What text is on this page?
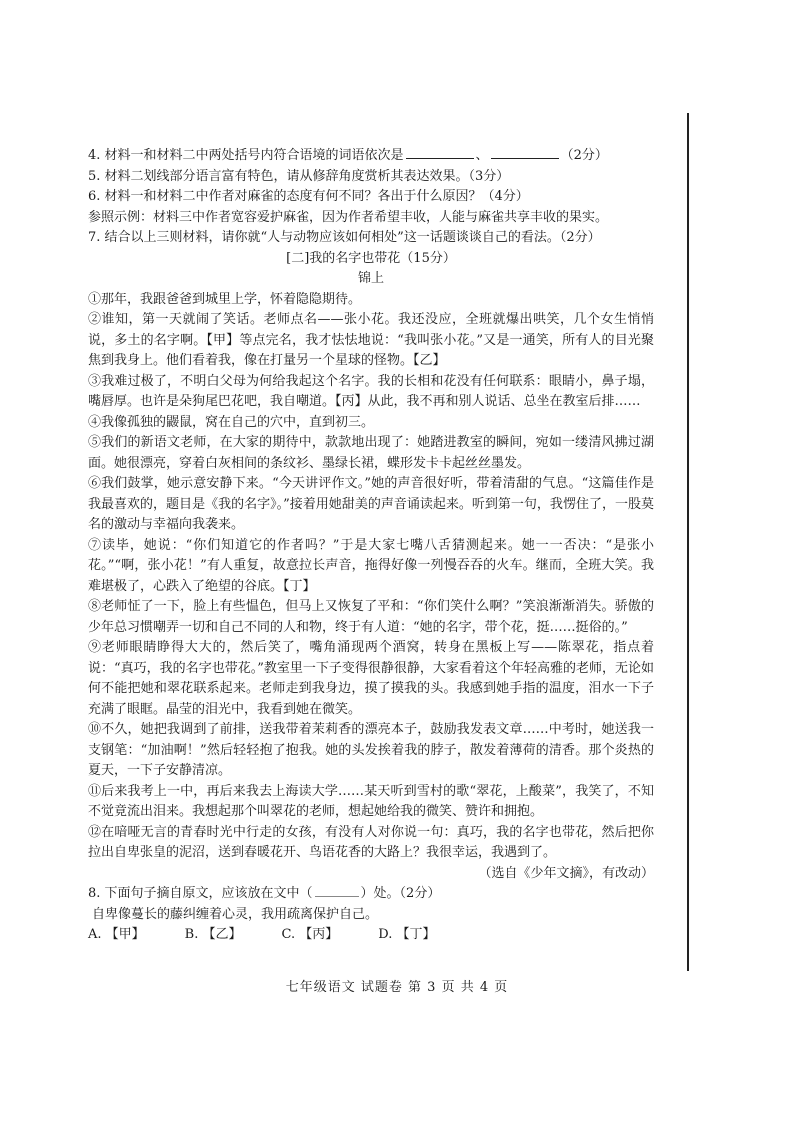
4. 材料一和材料二中两处括号内符合语境的词语依次是	、	（2分）

5. 材料二划线部分语言富有特色，请从修辞角度赏析其表达效果。（3分）

6. 材料一和材料二中作者对麻雀的态度有何不同？各出于什么原因？（4分）

参照示例：材料三中作者宽容爱护麻雀，因为作者希望丰收，人能与麻雀共享丰收的果实。

7. 结合以上三则材料，请你就“人与动物应该如何相处”这一话题谈谈自己的看法。（2分）

[二]我的名字也带花（15分）

锦上

①那年，我跟爸爸到城里上学，怀着隐隐期待。

②谁知，第一天就闹了笑话。老师点名——张小花。我还没应，全班就爆出哄笑，几个女生悄悄说，多土的名字啊。【甲】等点完名，我才怯怯地说：“我叫张小花。”又是一通笑，所有人的目光聚焦到我身上。他们看着我，像在打量另一个星球的怪物。【乙】

③我难过极了，不明白父母为何给我起这个名字。我的长相和花没有任何联系：眼睛小，鼻子塌，嘴唇厚。也许是朵狗尾巴花吧，我自嘲道。【丙】从此，我不再和别人说话、总坐在教室后排……

④我像孤独的鼹鼠，窝在自己的穴中，直到初三。

⑤我们的新语文老师，在大家的期待中，款款地出现了：她踏进教室的瞬间，宛如一缕清风拂过湖面。她很漂亮，穿着白灰相间的条纹衫、墨绿长裙，蝶形发卡卡起丝丝墨发。

⑥我们鼓掌，她示意安静下来。“今天讲评作文。”她的声音很好听，带着清甜的气息。“这篇佳作是我最喜欢的，题目是《我的名字》。”接着用她甜美的声音诵读起来。听到第一句，我愣住了，一股莫名的激动与幸福向我袭来。

⑦读毕，她说：“你们知道它的作者吗？”于是大家七嘴八舌猜测起来。她一一否决：“是张小花。”“啊，张小花！”有人重复，故意拉长声音，拖得好像一列慢吞吞的火车。继而，全班大笑。我难堪极了，心跌入了绝望的谷底。【丁】

⑧老师怔了一下，脸上有些愠色，但马上又恢复了平和：“你们笑什么啊？”笑浪渐渐消失。骄傲的少年总习惯嘲弄一切和自己不同的人和物，终于有人道：“她的名字，带个花，挺……挺俗的。”

⑨老师眼睛睁得大大的，然后笑了，嘴角涌现两个酒窝，转身在黑板上写——陈翠花，指点着说：“真巧，我的名字也带花。”教室里一下子变得很静很静，大家看着这个年轻高雅的老师，无论如何不能把她和翠花联系起来。老师走到我身边，摸了摸我的头。我感到她手指的温度，泪水一下子充满了眼眶。晶莹的泪光中，我看到她在微笑。

⑩不久，她把我调到了前排，送我带着茉莉香的漂亮本子，鼓励我发表文章……中考时，她送我一支钢笔：“加油啊！”然后轻轻抱了抱我。她的头发挨着我的脖子，散发着薄荷的清香。那个炎热的夏天，一下子安静清凉。

⑪后来我考上一中，再后来我去上海读大学……某天听到雪村的歌“翠花，上酸菜”，我笑了，不知不觉竟流出泪来。我想起那个叫翠花的老师，想起她给我的微笑、赞许和拥抱。

⑫在喑哑无言的青春时光中行走的女孩，有没有人对你说一句：真巧，我的名字也带花，然后把你拉出自卑张皇的泥沼，送到春暖花开、鸟语花香的大路上？我很幸运，我遇到了。

（选自《少年文摘》，有改动）

8. 下面句子摘自原文，应该放在文中（	）处。（2分）

自卑像蔓长的藤纠缠着心灵，我用疏离保护自己。

A. 【甲】	B. 【乙】	C. 【丙】	D. 【丁】
七年级语文 试题卷 第 3 页 共 4 页
